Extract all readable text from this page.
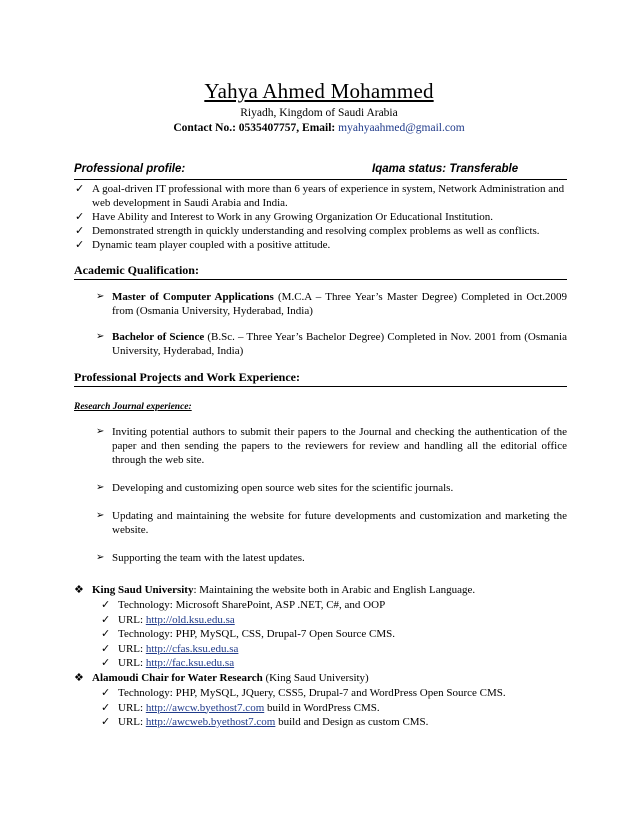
Yahya Ahmed Mohammed
Riyadh, Kingdom of Saudi Arabia
Contact No.: 0535407757, Email: myahyaahmed@gmail.com
Professional profile:	Iqama status: Transferable
✓ A goal-driven IT professional with more than 6 years of experience in system, Network Administration and web development in Saudi Arabia and India.
✓ Have Ability and Interest to Work in any Growing Organization Or Educational Institution.
✓ Demonstrated strength in quickly understanding and resolving complex problems as well as conflicts.
✓ Dynamic team player coupled with a positive attitude.
Academic Qualification:
➢ Master of Computer Applications (M.C.A – Three Year’s Master Degree) Completed in Oct.2009 from (Osmania University, Hyderabad, India)
➢ Bachelor of Science (B.Sc. – Three Year’s Bachelor Degree) Completed in Nov. 2001 from (Osmania University, Hyderabad, India)
Professional Projects and Work Experience:
Research Journal experience:
➢ Inviting potential authors to submit their papers to the Journal and checking the authentication of the paper and then sending the papers to the reviewers for review and handling all the editorial office through the web site.
➢ Developing and customizing open source web sites for the scientific journals.
➢ Updating and maintaining the website for future developments and customization and marketing the website.
➢ Supporting the team with the latest updates.
❖ King Saud University: Maintaining the website both in Arabic and English Language.
✓ Technology: Microsoft SharePoint, ASP .NET, C#, and OOP
✓ URL: http://old.ksu.edu.sa
✓ Technology: PHP, MySQL, CSS, Drupal-7 Open Source CMS.
✓ URL: http://cfas.ksu.edu.sa
✓ URL: http://fac.ksu.edu.sa
❖ Alamoudi Chair for Water Research (King Saud University)
✓ Technology: PHP, MySQL, JQuery, CSS5, Drupal-7 and WordPress Open Source CMS.
✓ URL: http://awcw.byethost7.com build in WordPress CMS.
✓ URL: http://awcweb.byethost7.com build and Design as custom CMS.
